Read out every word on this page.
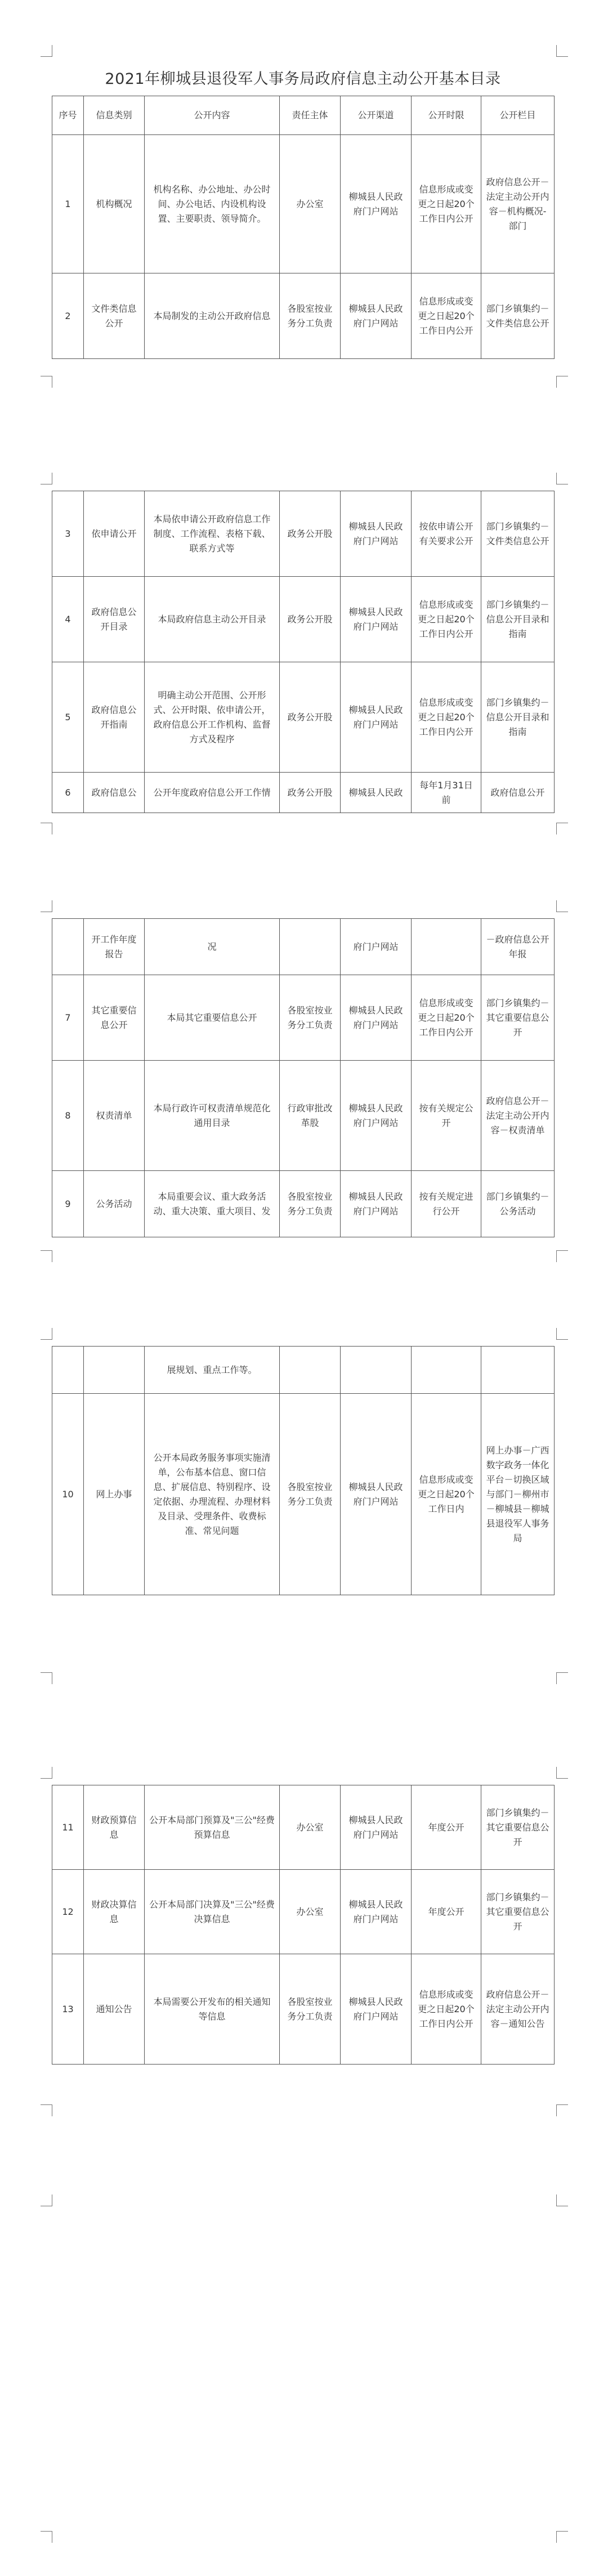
2021年柳城县退役军人事务局政府信息主动公开基本目录
序号	信息类别	公开内容	责任主体	公开渠道	公开时限	公开栏目
1	机构概况	机构名称、办公地址、办公时间、办公电话、内设机构设置、主要职责、领导简介。	办公室	柳城县人民政府门户网站	信息形成或变更之日起20个工作日内公开	政府信息公开－法定主动公开内容－机构概况-部门
2	文件类信息公开	本局制发的主动公开政府信息	各股室按业务分工负责	柳城县人民政府门户网站	信息形成或变更之日起20个工作日内公开	部门乡镇集约－文件类信息公开
3	依申请公开	本局依申请公开政府信息工作制度、工作流程、表格下载、联系方式等	政务公开股	柳城县人民政府门户网站	按依申请公开有关要求公开	部门乡镇集约－文件类信息公开
4	政府信息公开目录	本局政府信息主动公开目录	政务公开股	柳城县人民政府门户网站	信息形成或变更之日起20个工作日内公开	部门乡镇集约－信息公开目录和指南
5	政府信息公开指南	明确主动公开范围、公开形式、公开时限、依申请公开，政府信息公开工作机构、监督方式及程序	政务公开股	柳城县人民政府门户网站	信息形成或变更之日起20个工作日内公开	部门乡镇集约－信息公开目录和指南
6	政府信息公	公开年度政府信息公开工作情	政务公开股	柳城县人民政	每年1月31日前	政府信息公开
	开工作年度报告	况		府门户网站		－政府信息公开年报
7	其它重要信息公开	本局其它重要信息公开	各股室按业务分工负责	柳城县人民政府门户网站	信息形成或变更之日起20个工作日内公开	部门乡镇集约－其它重要信息公开
8	权责清单	本局行政许可权责清单规范化通用目录	行政审批改革股	柳城县人民政府门户网站	按有关规定公开	政府信息公开－法定主动公开内容－权责清单
9	公务活动	本局重要会议、重大政务活动、重大决策、重大项目、发	各股室按业务分工负责	柳城县人民政府门户网站	按有关规定进行公开	部门乡镇集约－公务活动
		展规划、重点工作等。				
10	网上办事	公开本局政务服务事项实施清单，公布基本信息、窗口信息、扩展信息、特别程序、设定依据、办理流程、办理材料及目录、受理条件、收费标准、常见问题	各股室按业务分工负责	柳城县人民政府门户网站	信息形成或变更之日起20个工作日内	网上办事－广西数字政务一体化平台－切换区域与部门－柳州市－柳城县－柳城县退役军人事务局
11	财政预算信息	公开本局部门预算及"三公"经费预算信息	办公室	柳城县人民政府门户网站	年度公开	部门乡镇集约－其它重要信息公开
12	财政决算信息	公开本局部门决算及"三公"经费决算信息	办公室	柳城县人民政府门户网站	年度公开	部门乡镇集约－其它重要信息公开
13	通知公告	本局需要公开发布的相关通知等信息	各股室按业务分工负责	柳城县人民政府门户网站	信息形成或变更之日起20个工作日内公开	政府信息公开－法定主动公开内容－通知公告
